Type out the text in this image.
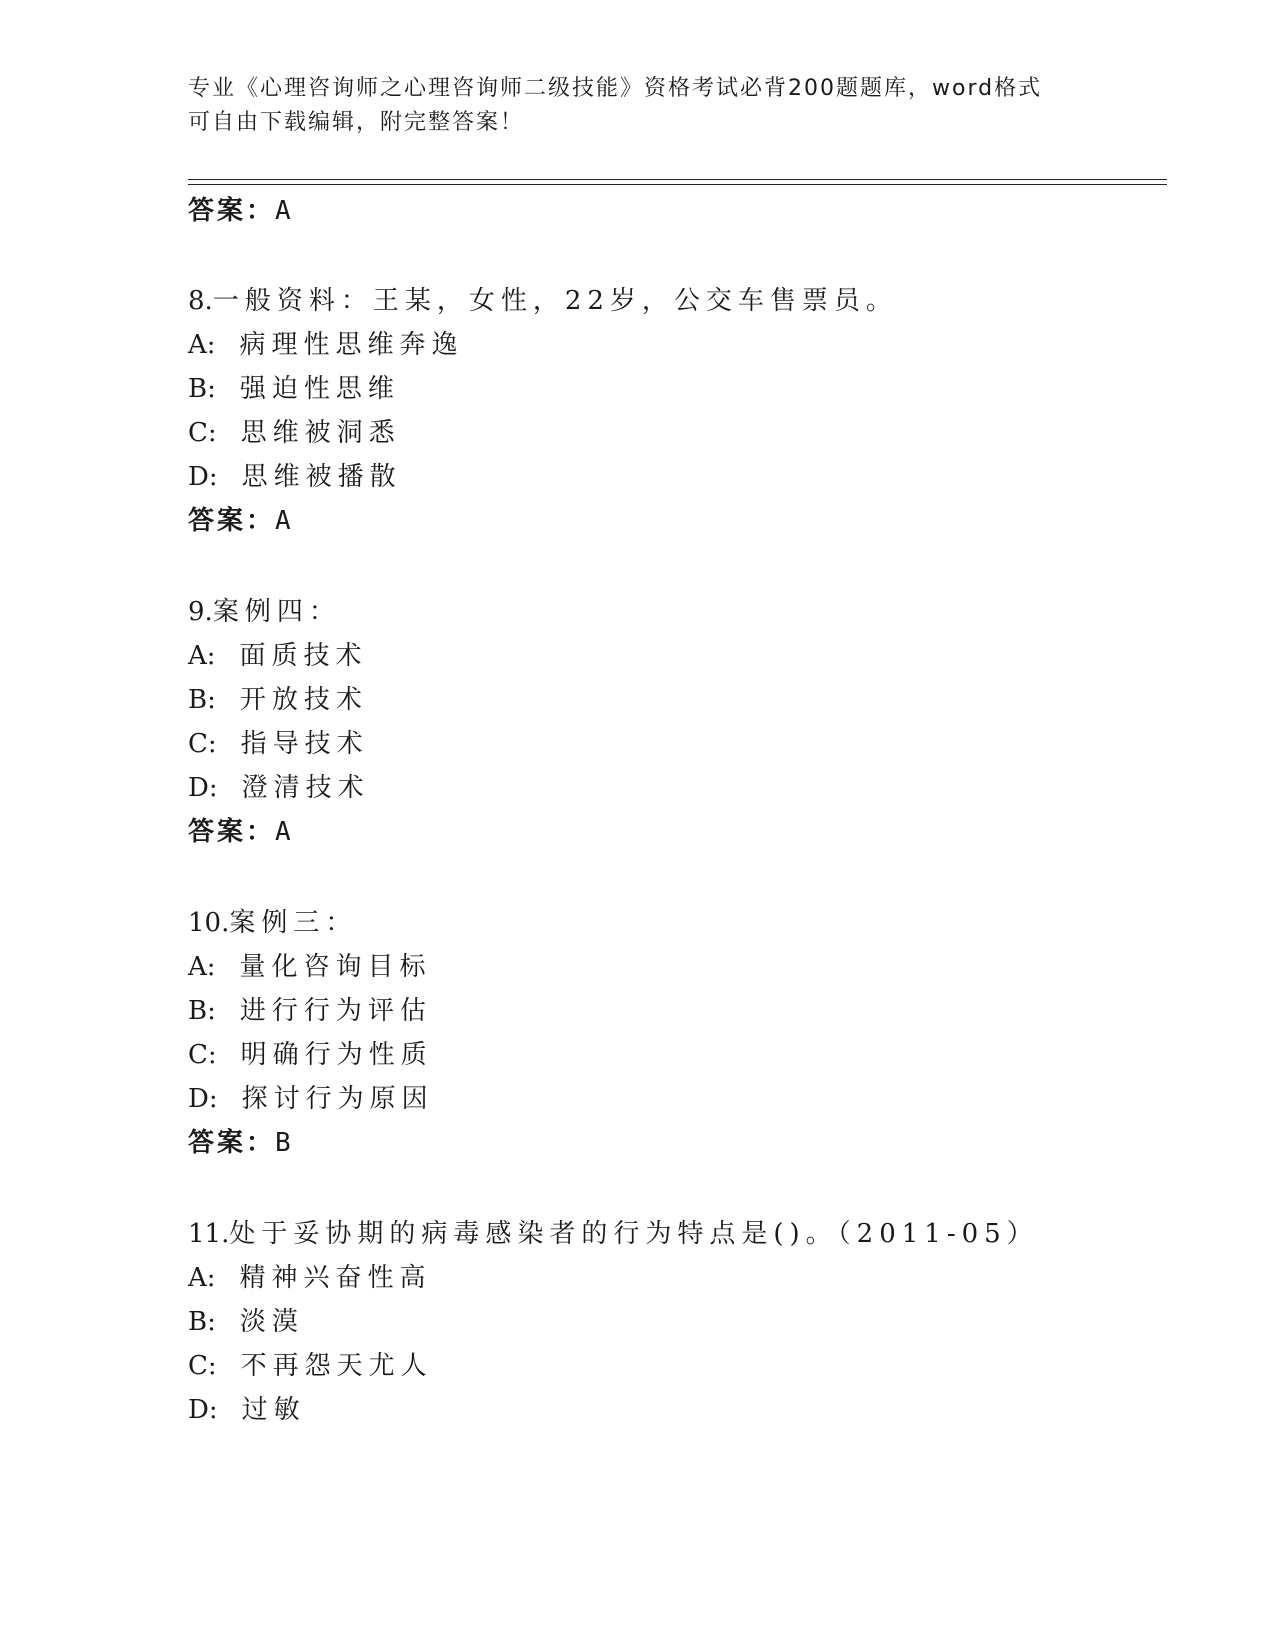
专业《心理咨询师之心理咨询师二级技能》资格考试必背200题题库，word格式
可自由下载编辑，附完整答案！
答案：A
8.一般资料：王某，女性，22岁，公交车售票员。
A: 病理性思维奔逸
B: 强迫性思维
C: 思维被洞悉
D: 思维被播散
答案：A
9.案例四：
A: 面质技术
B: 开放技术
C: 指导技术
D: 澄清技术
答案：A
10.案例三：
A: 量化咨询目标
B: 进行行为评估
C: 明确行为性质
D: 探讨行为原因
答案：B
11.处于妥协期的病毒感染者的行为特点是()。（2011-05）
A: 精神兴奋性高
B: 淡漠
C: 不再怨天尤人
D: 过敏
